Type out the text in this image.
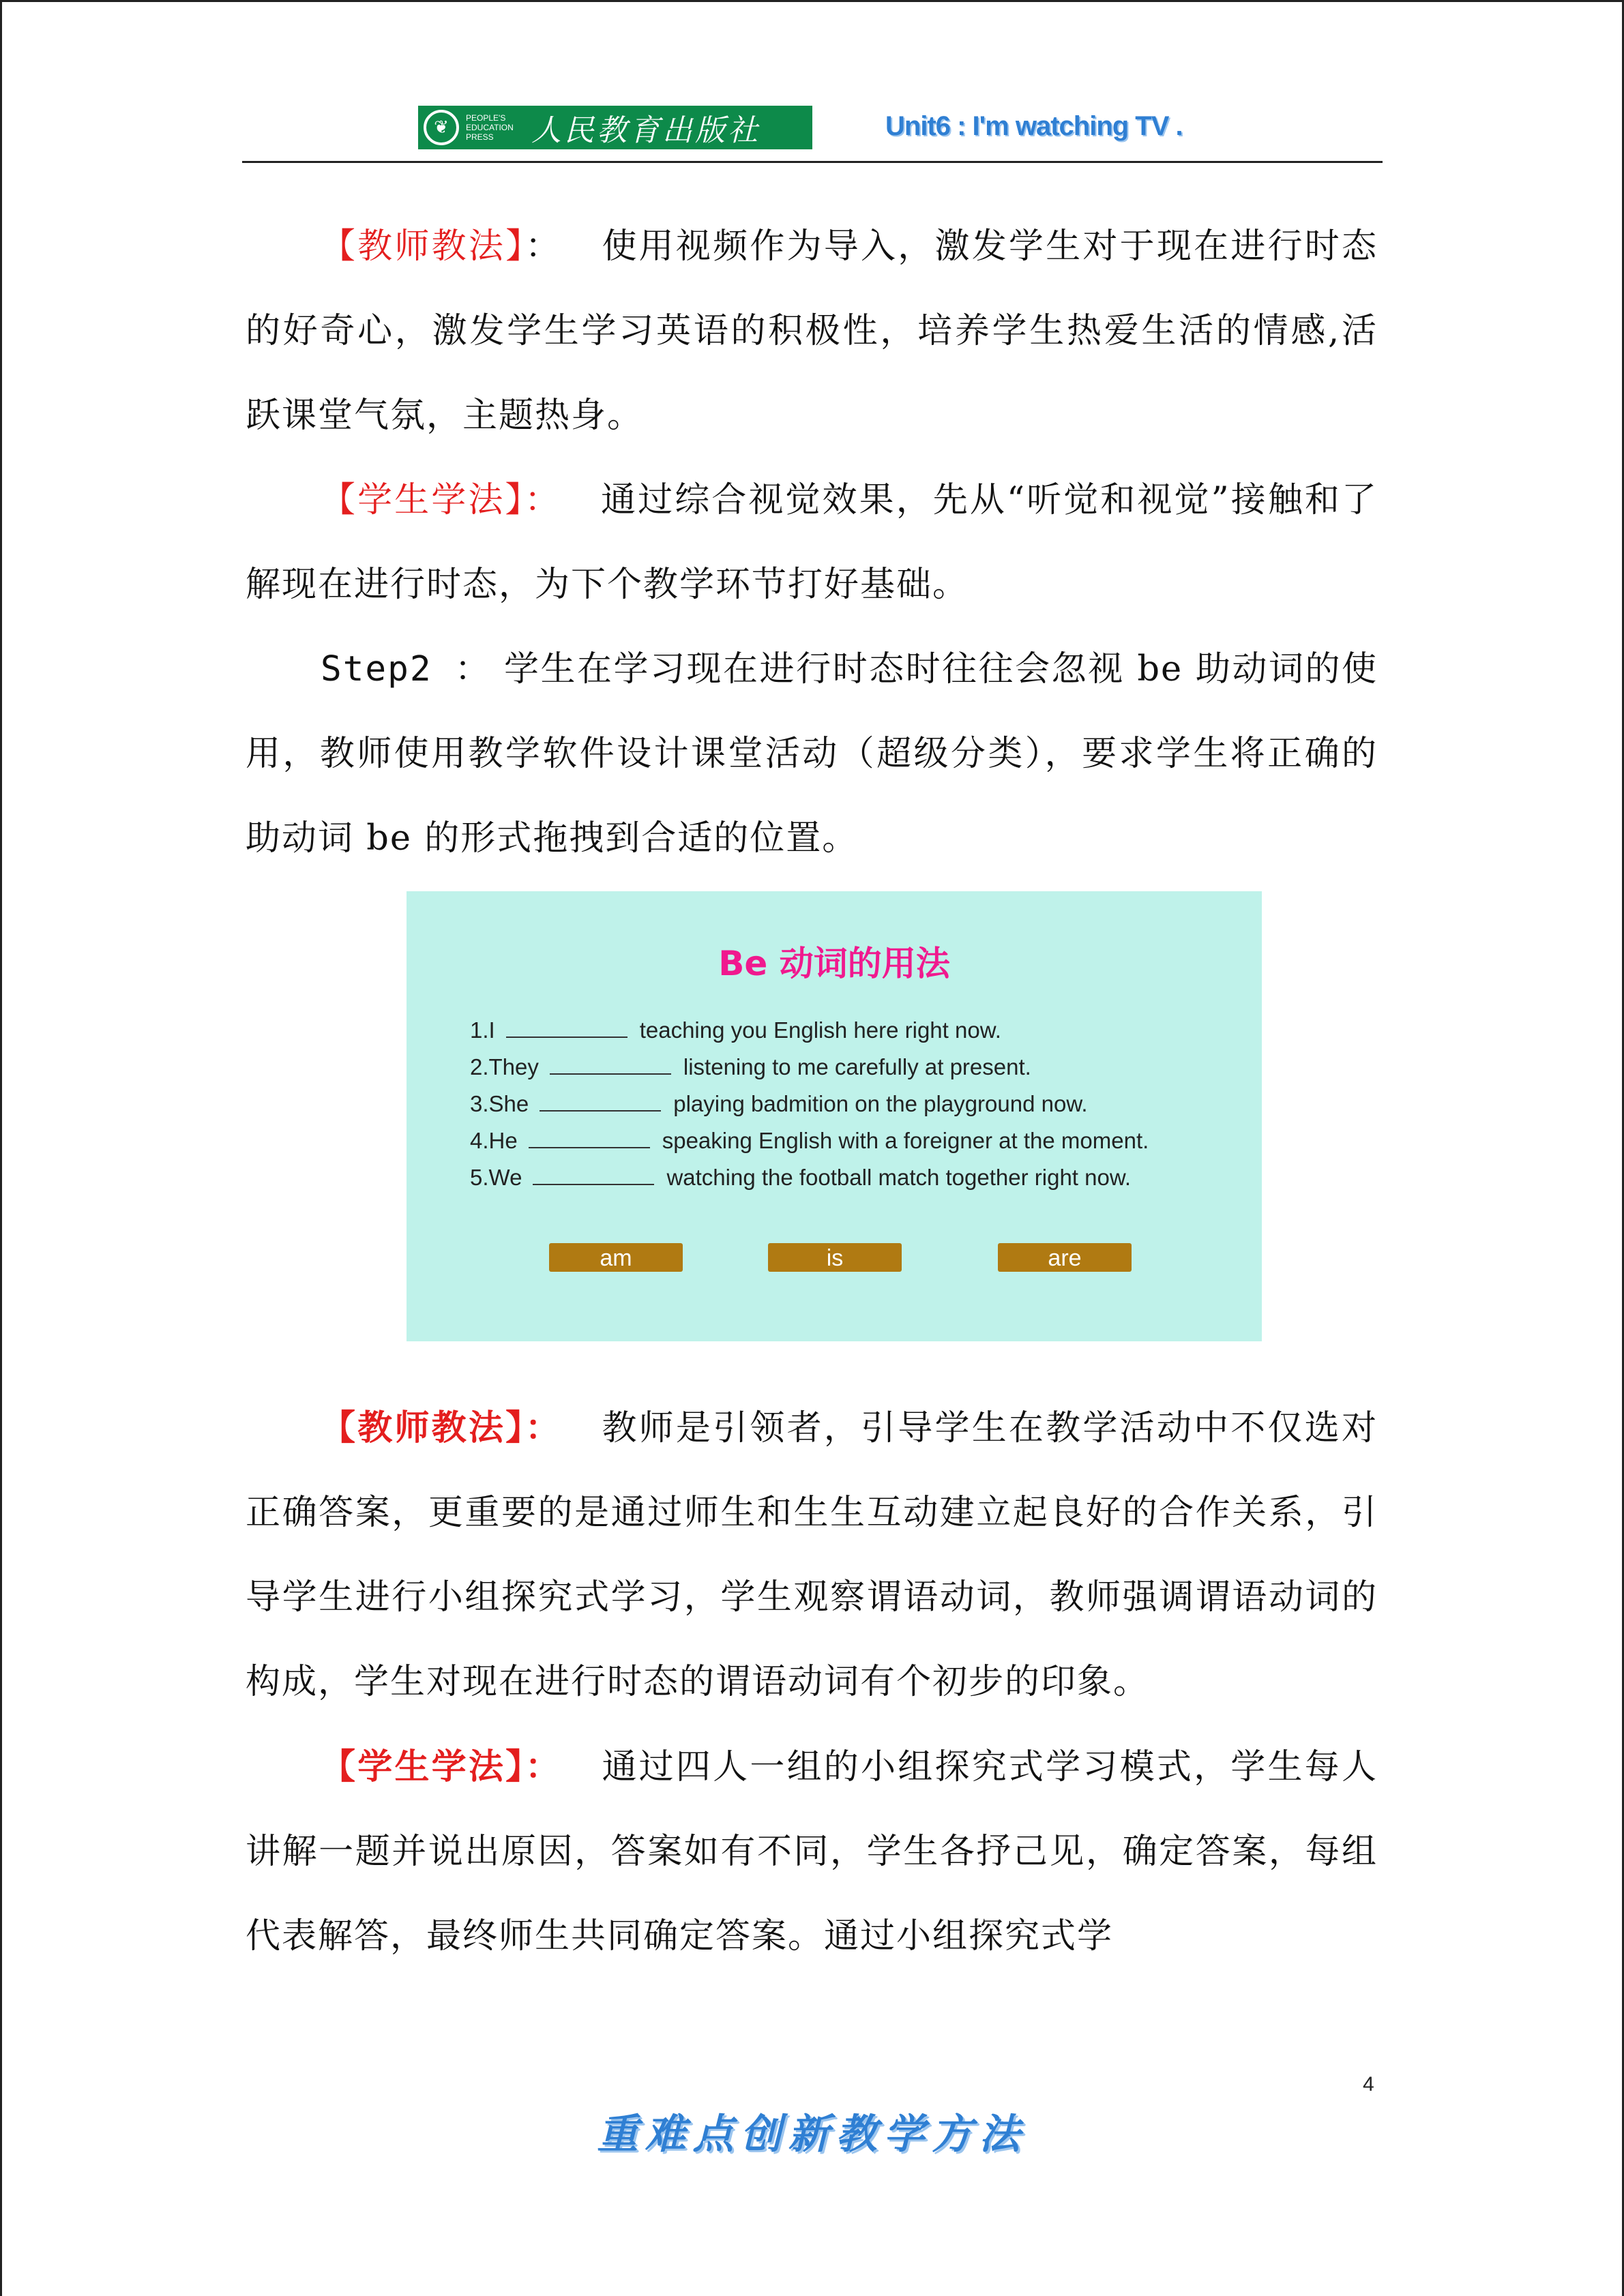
❦	PEOPLE'S EDUCATION PRESS	人民教育出版社	Unit6 : I'm watching TV .

【教师教法】： 使用视频作为导入，激发学生对于现在进行时态的好奇心，激发学生学习英语的积极性，培养学生热爱生活的情感,活跃课堂气氛，主题热身。

【学生学法】： 通过综合视觉效果，先从“听觉和视觉”接触和了解现在进行时态，为下个教学环节打好基础。

Step2 ： 学生在学习现在进行时态时往往会忽视 be 助动词的使用，教师使用教学软件设计课堂活动（超级分类），要求学生将正确的助动词 be 的形式拖拽到合适的位置。

Be 动词的用法
1.I	teaching you English here right now.
2.They	listening to me carefully at present.
3.She	playing badmition on the playground now.
4.He	speaking English with a foreigner at the moment.
5.We	watching the football match together right now.
am	is	are

【教师教法】： 教师是引领者，引导学生在教学活动中不仅选对正确答案，更重要的是通过师生和生生互动建立起良好的合作关系，引导学生进行小组探究式学习，学生观察谓语动词，教师强调谓语动词的构成，学生对现在进行时态的谓语动词有个初步的印象。

【学生学法】： 通过四人一组的小组探究式学习模式，学生每人讲解一题并说出原因，答案如有不同，学生各抒己见，确定答案，每组代表解答，最终师生共同确定答案。通过小组探究式学

4
重难点创新教学方法
